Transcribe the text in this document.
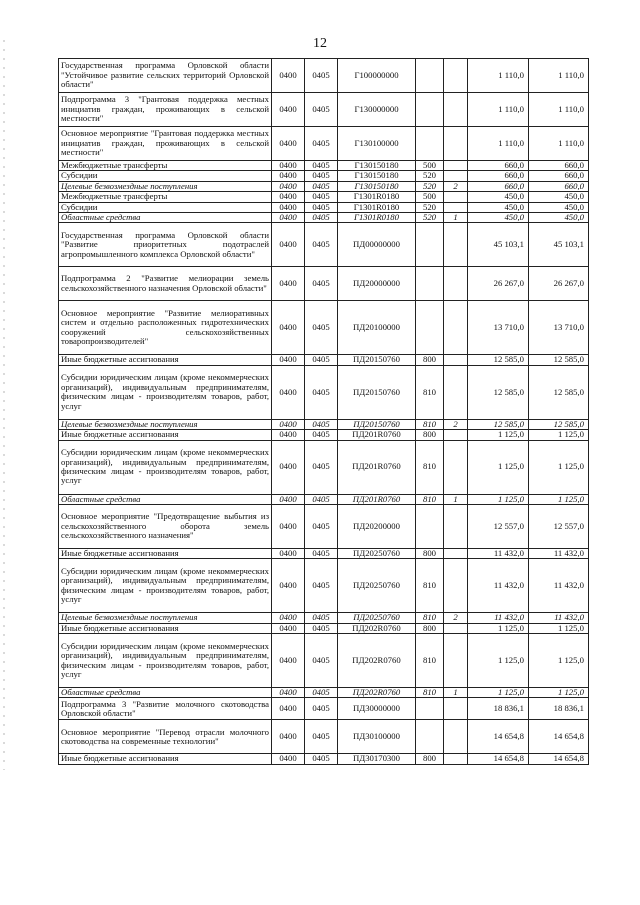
12
Государственная программа Орловской области "Устойчивое развитие сельских территорий Орловской области"	0400	0405	Г100000000			1 110,0	1 110,0
Подпрограмма 3 "Грантовая поддержка местных инициатив граждан, проживающих в сельской местности"	0400	0405	Г130000000			1 110,0	1 110,0
Основное мероприятие "Грантовая поддержка местных инициатив граждан, проживающих в сельской местности"	0400	0405	Г130100000			1 110,0	1 110,0
Межбюджетные трансферты	0400	0405	Г130150180	500		660,0	660,0
Субсидии	0400	0405	Г130150180	520		660,0	660,0
Целевые безвозмездные поступления	0400	0405	Г130150180	520	2	660,0	660,0
Межбюджетные трансферты	0400	0405	Г1301R0180	500		450,0	450,0
Субсидии	0400	0405	Г1301R0180	520		450,0	450,0
Областные средства	0400	0405	Г1301R0180	520	1	450,0	450,0
Государственная программа Орловской области "Развитие приоритетных подотраслей агропромышленного комплекса Орловской области"	0400	0405	ПД00000000			45 103,1	45 103,1
Подпрограмма 2 "Развитие мелиорации земель сельскохозяйственного назначения Орловской области"	0400	0405	ПД20000000			26 267,0	26 267,0
Основное мероприятие "Развитие мелиоративных систем и отдельно расположенных гидротехнических сооружений сельскохозяйственных товаропроизводителей"	0400	0405	ПД20100000			13 710,0	13 710,0
Иные бюджетные ассигнования	0400	0405	ПД20150760	800		12 585,0	12 585,0
Субсидии юридическим лицам (кроме некоммерческих организаций), индивидуальным предпринимателям, физическим лицам - производителям товаров, работ, услуг	0400	0405	ПД20150760	810		12 585,0	12 585,0
Целевые безвозмездные поступления	0400	0405	ПД20150760	810	2	12 585,0	12 585,0
Иные бюджетные ассигнования	0400	0405	ПД201R0760	800		1 125,0	1 125,0
Субсидии юридическим лицам (кроме некоммерческих организаций), индивидуальным предпринимателям, физическим лицам - производителям товаров, работ, услуг	0400	0405	ПД201R0760	810		1 125,0	1 125,0
Областные средства	0400	0405	ПД201R0760	810	1	1 125,0	1 125,0
Основное мероприятие "Предотвращение выбытия из сельскохозяйственного оборота земель сельскохозяйственного назначения"	0400	0405	ПД20200000			12 557,0	12 557,0
Иные бюджетные ассигнования	0400	0405	ПД20250760	800		11 432,0	11 432,0
Субсидии юридическим лицам (кроме некоммерческих организаций), индивидуальным предпринимателям, физическим лицам - производителям товаров, работ, услуг	0400	0405	ПД20250760	810		11 432,0	11 432,0
Целевые безвозмездные поступления	0400	0405	ПД20250760	810	2	11 432,0	11 432,0
Иные бюджетные ассигнования	0400	0405	ПД202R0760	800		1 125,0	1 125,0
Субсидии юридическим лицам (кроме некоммерческих организаций), индивидуальным предпринимателям, физическим лицам - производителям товаров, работ, услуг	0400	0405	ПД202R0760	810		1 125,0	1 125,0
Областные средства	0400	0405	ПД202R0760	810	1	1 125,0	1 125,0
Подпрограмма 3 "Развитие молочного скотоводства Орловской области"	0400	0405	ПД30000000			18 836,1	18 836,1
Основное мероприятие "Перевод отрасли молочного скотоводства на современные технологии"	0400	0405	ПД30100000			14 654,8	14 654,8
Иные бюджетные ассигнования	0400	0405	ПД30170300	800		14 654,8	14 654,8
